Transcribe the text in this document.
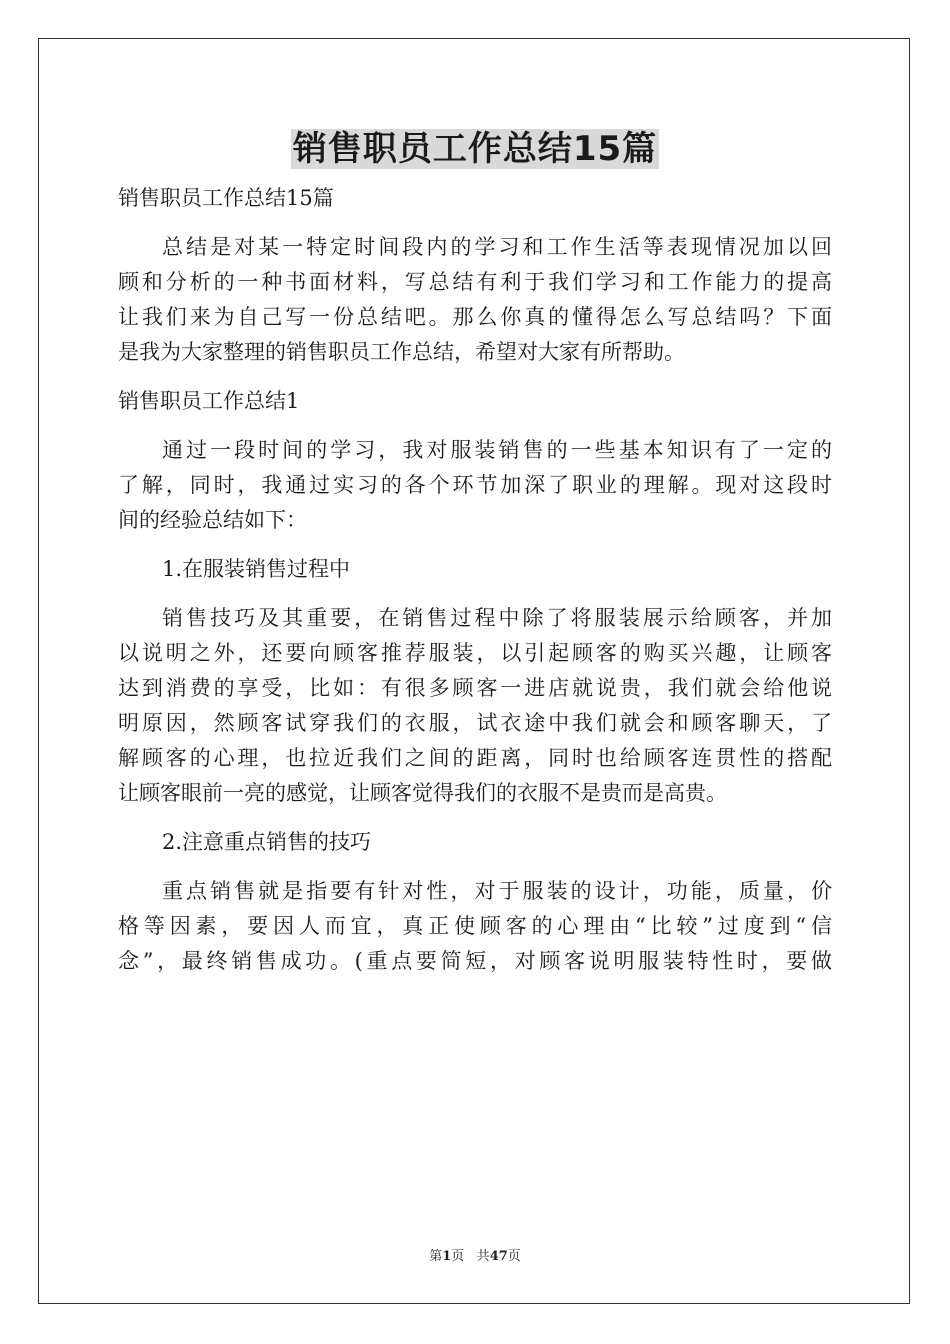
销售职员工作总结15篇
销售职员工作总结15篇
总结是对某一特定时间段内的学习和工作生活等表现情况加以回
顾和分析的一种书面材料，写总结有利于我们学习和工作能力的提高
让我们来为自己写一份总结吧。那么你真的懂得怎么写总结吗？下面
是我为大家整理的销售职员工作总结，希望对大家有所帮助。
销售职员工作总结1
通过一段时间的学习，我对服装销售的一些基本知识有了一定的
了解，同时，我通过实习的各个环节加深了职业的理解。现对这段时
间的经验总结如下：
1.在服装销售过程中
销售技巧及其重要，在销售过程中除了将服装展示给顾客，并加
以说明之外，还要向顾客推荐服装，以引起顾客的购买兴趣，让顾客
达到消费的享受，比如：有很多顾客一进店就说贵，我们就会给他说
明原因，然顾客试穿我们的衣服，试衣途中我们就会和顾客聊天，了
解顾客的心理，也拉近我们之间的距离，同时也给顾客连贯性的搭配
让顾客眼前一亮的感觉，让顾客觉得我们的衣服不是贵而是高贵。
2.注意重点销售的技巧
重点销售就是指要有针对性，对于服装的设计，功能，质量，价
格等因素，要因人而宜，真正使顾客的心理由“比较”过度到“信
念”，最终销售成功。(重点要简短，对顾客说明服装特性时，要做
第1页 共47页
